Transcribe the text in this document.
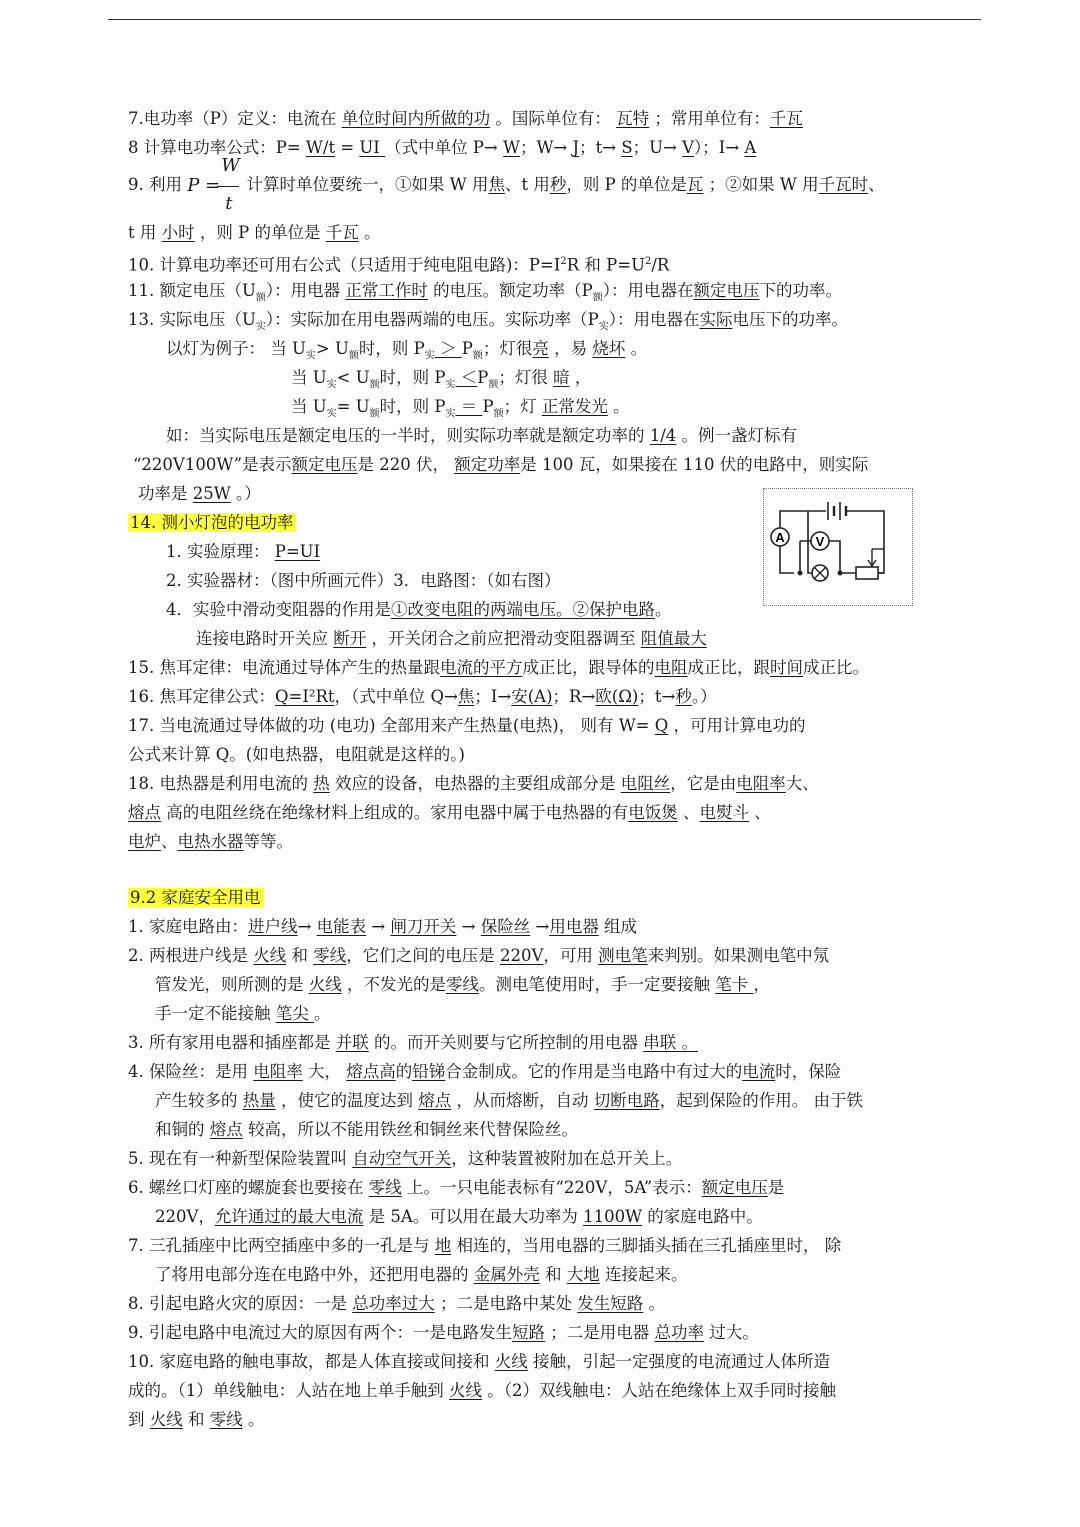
7.电功率（P）定义：电流在 单位时间内所做的功 。国际单位有： 瓦特 ；常用单位有：千瓦
8 计算电功率公式：P= W/t = UI （式中单位 P→ W；W→ J；t→ S；U→ V）；I→ A
9. 利用 P =
W
t
计算时单位要统一，①如果 W 用焦、t 用秒，则 P 的单位是瓦 ；②如果 W 用千瓦时、
t 用 小时 ，则 P 的单位是 千瓦 。
10. 计算电功率还可用右公式（只适用于纯电阻电路)：$P=I^2R$ 和 $P=U^2/R$
11. 额定电压$(U_额)$：用电器 正常工作时 的电压。额定功率$(P_额)$：用电器在额定电压下的功率。
13. 实际电压$(U_实)$：实际加在用电器两端的电压。实际功率$(P_实)$：用电器在实际电压下的功率。
以灯为例子： 当 $U_实> U_额$时，则 $P_实 > P_额$；灯很亮 ，易 烧坏 。
当 $U_实< U_额$时，则 $P_实 <P_额$；灯很 暗 ，
当 $U_实= U_额$时，则 $P_实 = P_额$；灯 正常发光 。
如：当实际电压是额定电压的一半时，则实际功率就是额定功率的 1/4 。例一盏灯标有
“220V100W”是表示额定电压是 220 伏， 额定功率是 100 瓦，如果接在 110 伏的电路中，则实际
功率是 25W 。）
14. 测小灯泡的电功率
1. 实验原理： P=UI
2. 实验器材：（图中所画元件）3．电路图：（如右图）
4．实验中滑动变阻器的作用是①改变电阻的两端电压。②保护电路。
连接电路时开关应 断开 ，开关闭合之前应把滑动变阻器调至 阻值最大
15. 焦耳定律：电流通过导体产生的热量跟电流的平方成正比，跟导体的电阻成正比，跟时间成正比。
16. 焦耳定律公式：Q=I²Rt，（式中单位 Q→焦；I→安(A)；R→欧(Ω)；t→秒。）
17. 当电流通过导体做的功 (电功) 全部用来产生热量(电热)， 则有 W= Q ，可用计算电功的
公式来计算 Q。(如电热器，电阻就是这样的。)
18. 电热器是利用电流的 热 效应的设备，电热器的主要组成部分是 电阻丝，它是由电阻率大、
熔点 高的电阻丝绕在绝缘材料上组成的。家用电器中属于电热器的有电饭煲 、电熨斗 、
电炉、电热水器等等。
9.2 家庭安全用电
1. 家庭电路由：进户线→ 电能表 → 闸刀开关 → 保险丝 →用电器 组成
2. 两根进户线是 火线 和 零线，它们之间的电压是 220V，可用 测电笔来判别。如果测电笔中氖
管发光，则所测的是 火线 ，不发光的是零线。测电笔使用时，手一定要接触 笔卡 ，
手一定不能接触 笔尖 。
3. 所有家用电器和插座都是 并联 的。而开关则要与它所控制的用电器 串联 。
4. 保险丝：是用 电阻率 大， 熔点高的铅锑合金制成。它的作用是当电路中有过大的电流时，保险
产生较多的 热量 ，使它的温度达到 熔点 ，从而熔断，自动 切断电路，起到保险的作用。 由于铁
和铜的 熔点 较高，所以不能用铁丝和铜丝来代替保险丝。
5. 现在有一种新型保险装置叫 自动空气开关，这种装置被附加在总开关上。
6. 螺丝口灯座的螺旋套也要接在 零线 上。一只电能表标有“220V，5A”表示：额定电压是
220V，允许通过的最大电流 是 5A。可以用在最大功率为 1100W 的家庭电路中。
7. 三孔插座中比两空插座中多的一孔是与 地 相连的，当用电器的三脚插头插在三孔插座里时， 除
了将用电部分连在电路中外，还把用电器的 金属外壳 和 大地 连接起来。
8. 引起电路火灾的原因：一是 总功率过大 ；二是电路中某处 发生短路 。
9. 引起电路中电流过大的原因有两个：一是电路发生短路 ；二是用电器 总功率 过大。
10. 家庭电路的触电事故，都是人体直接或间接和 火线 接触，引起一定强度的电流通过人体所造
成的。（1）单线触电：人站在地上单手触到 火线 。（2）双线触电：人站在绝缘体上双手同时接触
到 火线 和 零线 。
A V
